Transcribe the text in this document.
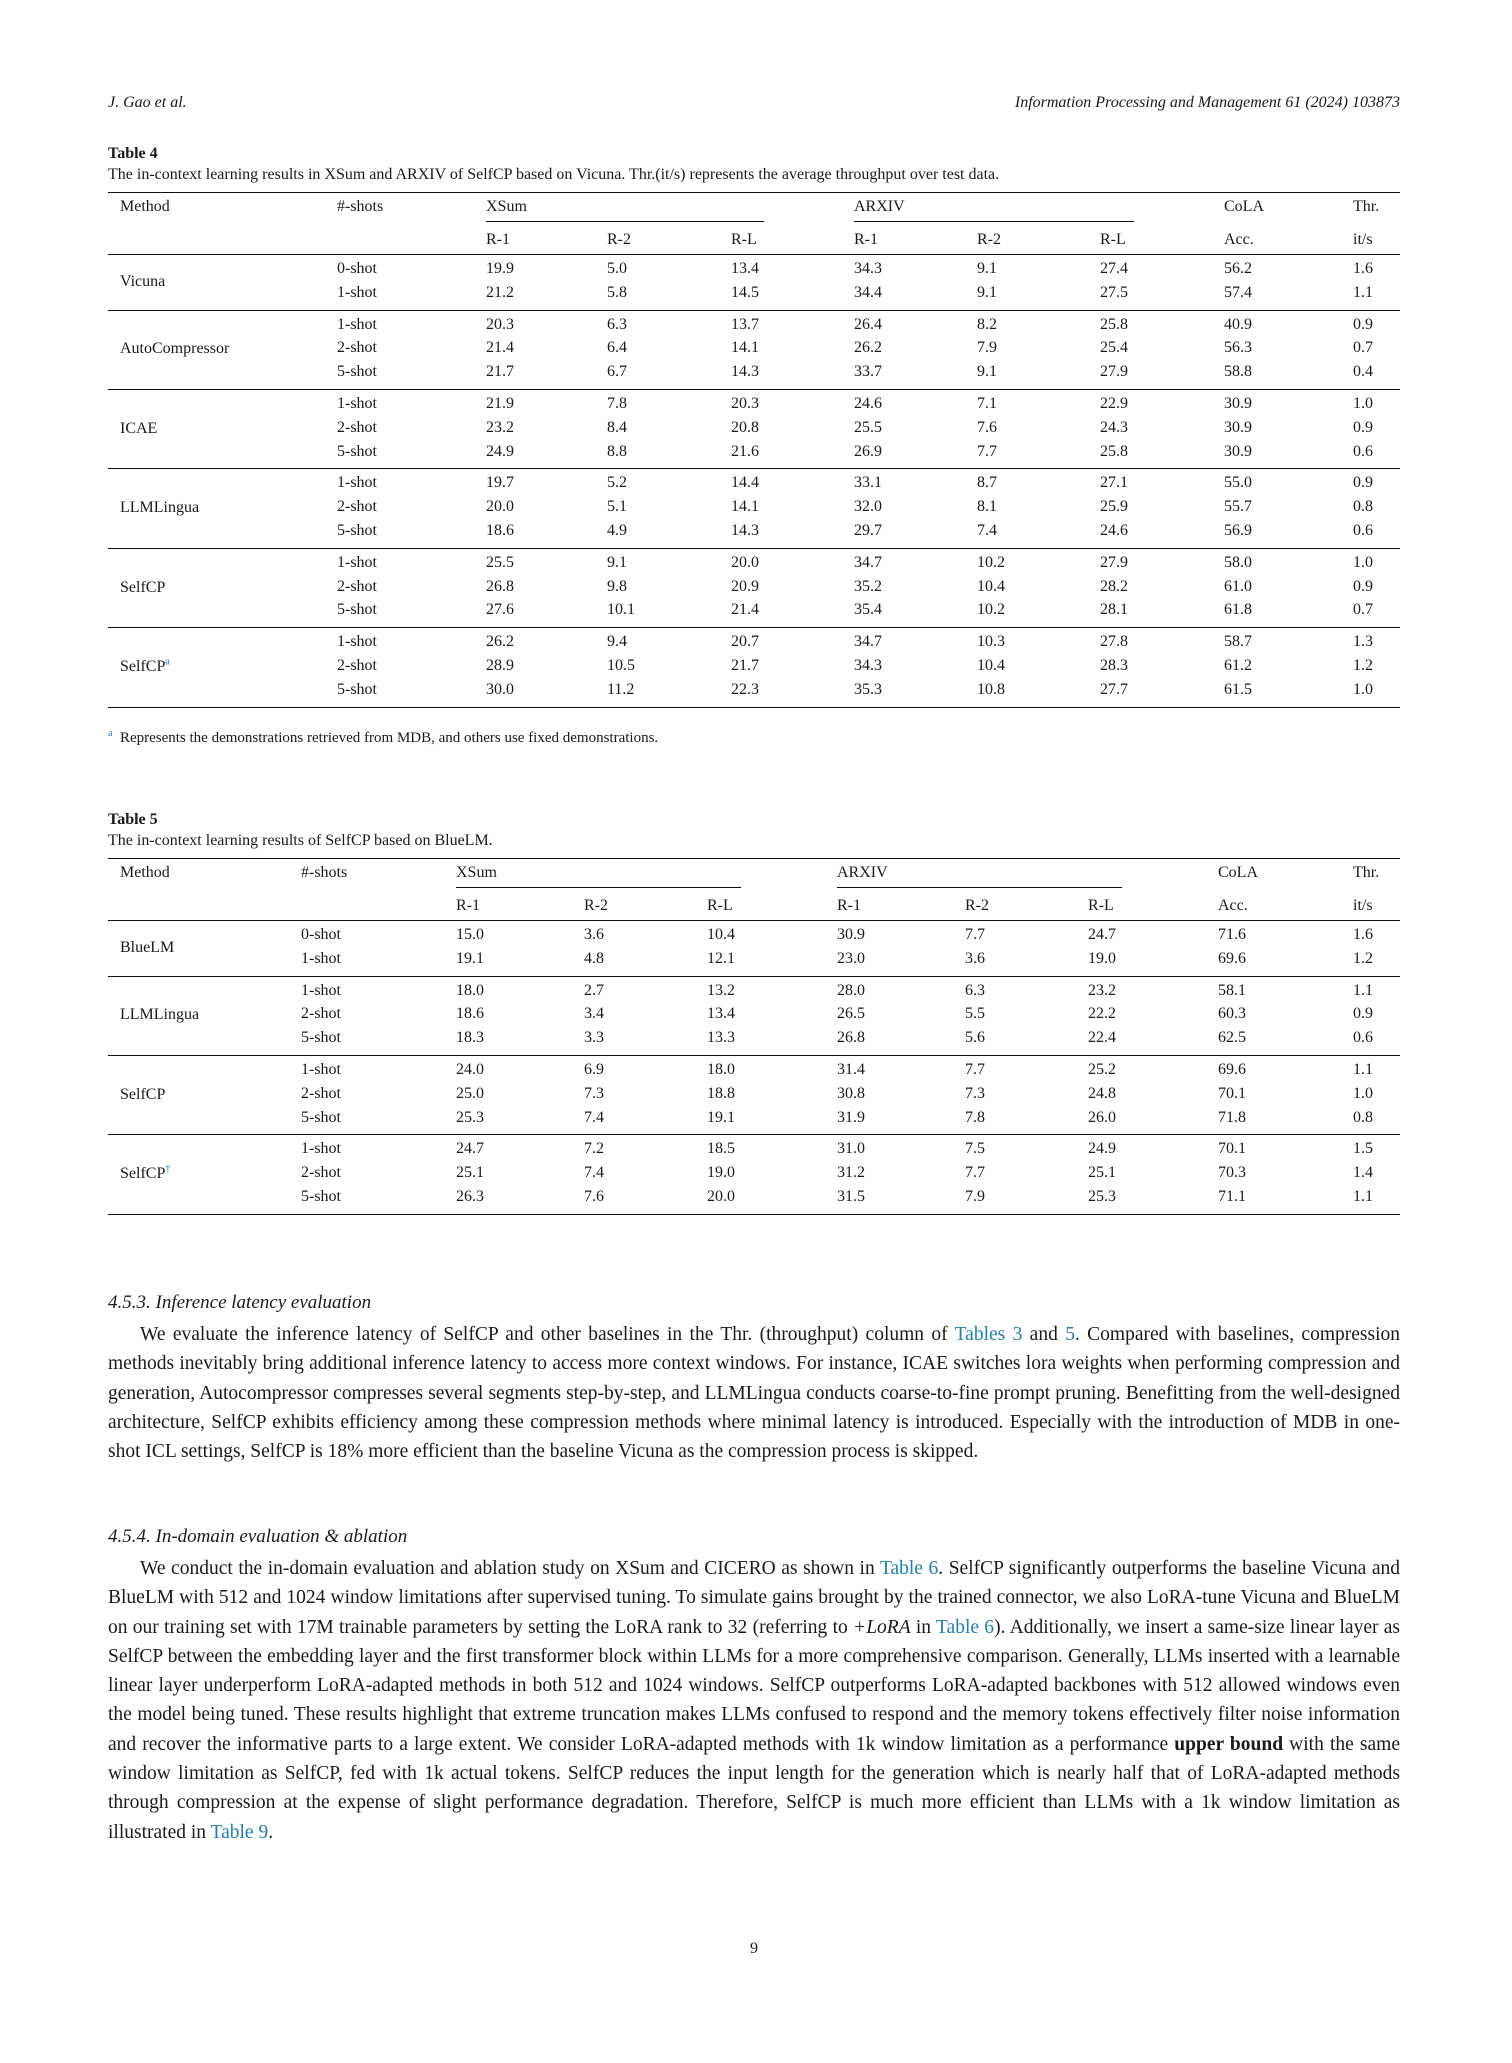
J. Gao et al.	Information Processing and Management 61 (2024) 103873
Table 4
The in-context learning results in XSum and ARXIV of SelfCP based on Vicuna. Thr.(it/s) represents the average throughput over test data.
Method	#-shots	XSum	ARXIV	CoLA	Thr.
R-1	R-2	R-L	R-1	R-2	R-L	Acc.	it/s
Vicuna
0-shot	19.9	5.0	13.4	34.3	9.1	27.4	56.2	1.6
1-shot	21.2	5.8	14.5	34.4	9.1	27.5	57.4	1.1
AutoCompressor
1-shot	20.3	6.3	13.7	26.4	8.2	25.8	40.9	0.9
2-shot	21.4	6.4	14.1	26.2	7.9	25.4	56.3	0.7
5-shot	21.7	6.7	14.3	33.7	9.1	27.9	58.8	0.4
ICAE
1-shot	21.9	7.8	20.3	24.6	7.1	22.9	30.9	1.0
2-shot	23.2	8.4	20.8	25.5	7.6	24.3	30.9	0.9
5-shot	24.9	8.8	21.6	26.9	7.7	25.8	30.9	0.6
LLMLingua
1-shot	19.7	5.2	14.4	33.1	8.7	27.1	55.0	0.9
2-shot	20.0	5.1	14.1	32.0	8.1	25.9	55.7	0.8
5-shot	18.6	4.9	14.3	29.7	7.4	24.6	56.9	0.6
SelfCP
1-shot	25.5	9.1	20.0	34.7	10.2	27.9	58.0	1.0
2-shot	26.8	9.8	20.9	35.2	10.4	28.2	61.0	0.9
5-shot	27.6	10.1	21.4	35.4	10.2	28.1	61.8	0.7
SelfCP$^a$
1-shot	26.2	9.4	20.7	34.7	10.3	27.8	58.7	1.3
2-shot	28.9	10.5	21.7	34.3	10.4	28.3	61.2	1.2
5-shot	30.0	11.2	22.3	35.3	10.8	27.7	61.5	1.0
$^a$ Represents the demonstrations retrieved from MDB, and others use fixed demonstrations.
Table 5
The in-context learning results of SelfCP based on BlueLM.
Method	#-shots	XSum	ARXIV	CoLA	Thr.
R-1	R-2	R-L	R-1	R-2	R-L	Acc.	it/s
BlueLM
0-shot	15.0	3.6	10.4	30.9	7.7	24.7	71.6	1.6
1-shot	19.1	4.8	12.1	23.0	3.6	19.0	69.6	1.2
LLMLingua
1-shot	18.0	2.7	13.2	28.0	6.3	23.2	58.1	1.1
2-shot	18.6	3.4	13.4	26.5	5.5	22.2	60.3	0.9
5-shot	18.3	3.3	13.3	26.8	5.6	22.4	62.5	0.6
SelfCP
1-shot	24.0	6.9	18.0	31.4	7.7	25.2	69.6	1.1
2-shot	25.0	7.3	18.8	30.8	7.3	24.8	70.1	1.0
5-shot	25.3	7.4	19.1	31.9	7.8	26.0	71.8	0.8
SelfCP†
1-shot	24.7	7.2	18.5	31.0	7.5	24.9	70.1	1.5
2-shot	25.1	7.4	19.0	31.2	7.7	25.1	70.3	1.4
5-shot	26.3	7.6	20.0	31.5	7.9	25.3	71.1	1.1
4.5.3. Inference latency evaluation
We evaluate the inference latency of SelfCP and other baselines in the Thr. (throughput) column of Tables 3 and 5. Compared with baselines, compression methods inevitably bring additional inference latency to access more context windows. For instance, ICAE switches lora weights when performing compression and generation, Autocompressor compresses several segments step-by-step, and LLMLingua conducts coarse-to-fine prompt pruning. Benefitting from the well-designed architecture, SelfCP exhibits efficiency among these compression methods where minimal latency is introduced. Especially with the introduction of MDB in one-shot ICL settings, SelfCP is 18% more efficient than the baseline Vicuna as the compression process is skipped.
4.5.4. In-domain evaluation & ablation
We conduct the in-domain evaluation and ablation study on XSum and CICERO as shown in Table 6. SelfCP significantly outperforms the baseline Vicuna and BlueLM with 512 and 1024 window limitations after supervised tuning. To simulate gains brought by the trained connector, we also LoRA-tune Vicuna and BlueLM on our training set with 17M trainable parameters by setting the LoRA rank to 32 (referring to +LoRA in Table 6). Additionally, we insert a same-size linear layer as SelfCP between the embedding layer and the first transformer block within LLMs for a more comprehensive comparison. Generally, LLMs inserted with a learnable linear layer underperform LoRA-adapted methods in both 512 and 1024 windows. SelfCP outperforms LoRA-adapted backbones with 512 allowed windows even the model being tuned. These results highlight that extreme truncation makes LLMs confused to respond and the memory tokens effectively filter noise information and recover the informative parts to a large extent. We consider LoRA-adapted methods with 1k window limitation as a performance upper bound with the same window limitation as SelfCP, fed with 1k actual tokens. SelfCP reduces the input length for the generation which is nearly half that of LoRA-adapted methods through compression at the expense of slight performance degradation. Therefore, SelfCP is much more efficient than LLMs with a 1k window limitation as illustrated in Table 9.
9
